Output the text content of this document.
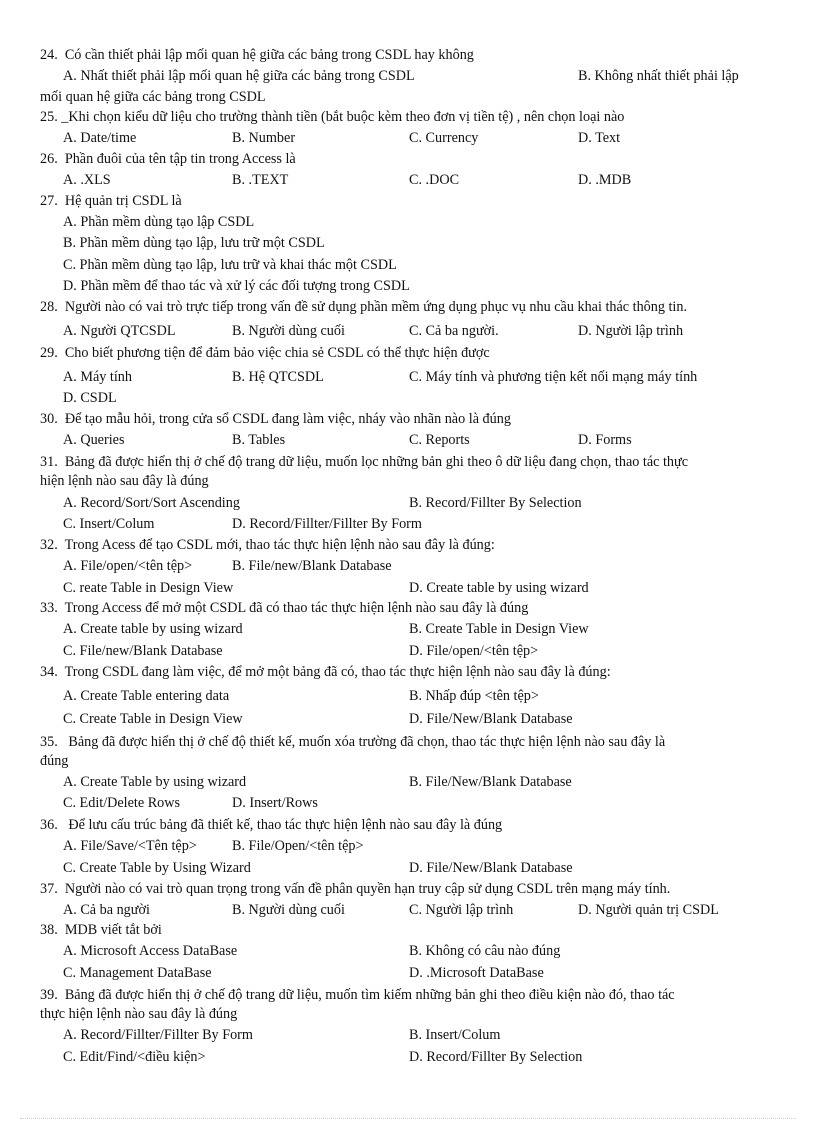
24. Có cần thiết phải lập mối quan hệ giữa các bảng trong CSDL hay không
A. Nhất thiết phải lập mối quan hệ giữa các bảng trong CSDL	B. Không nhất thiết phải lập
mối quan hệ giữa các bảng trong CSDL
25. _Khi chọn kiểu dữ liệu cho trường thành tiền (bắt buộc kèm theo đơn vị tiền tệ) , nên chọn loại nào
A. Date/time	B. Number	C. Currency	D. Text
26. Phần đuôi của tên tập tin trong Access là
A. .XLS	B. .TEXT	C. .DOC	D. .MDB
27. Hệ quản trị CSDL là
A. Phần mềm dùng tạo lập CSDL
B. Phần mềm dùng tạo lập, lưu trữ một CSDL
C. Phần mềm dùng tạo lập, lưu trữ và khai thác một CSDL
D. Phần mềm để thao tác và xử lý các đối tượng trong CSDL
28. Người nào có vai trò trực tiếp trong vấn đề sử dụng phần mềm ứng dụng phục vụ nhu cầu khai thác thông tin.
A. Người QTCSDL	B. Người dùng cuối	C. Cả ba người.	D. Người lập trình
29. Cho biết phương tiện để đảm bảo việc chia sẻ CSDL có thể thực hiện được
A. Máy tính	B. Hệ QTCSDL	C. Máy tính và phương tiện kết nối mạng máy tính
D. CSDL
30. Để tạo mẫu hỏi, trong cửa sổ CSDL đang làm việc, nháy vào nhãn nào là đúng
A. Queries	B. Tables	C. Reports	D. Forms
31. Bảng đã được hiển thị ở chế độ trang dữ liệu, muốn lọc những bản ghi theo ô dữ liệu đang chọn, thao tác thực
hiện lệnh nào sau đây là đúng
A. Record/Sort/Sort Ascending	B. Record/Fillter By Selection
C. Insert/Colum	D. Record/Fillter/Fillter By Form
32. Trong Acess để tạo CSDL mới, thao tác thực hiện lệnh nào sau đây là đúng:
A. File/open/<tên tệp>	B. File/new/Blank Database
C. reate Table in Design View	D. Create table by using wizard
33. Trong Access để mở một CSDL đã có thao tác thực hiện lệnh nào sau đây là đúng
A. Create table by using wizard	B. Create Table in Design View
C. File/new/Blank Database	D. File/open/<tên tệp>
34. Trong CSDL đang làm việc, để mở một bảng đã có, thao tác thực hiện lệnh nào sau đây là đúng:
A. Create Table entering data	B. Nhấp đúp <tên tệp>
C. Create Table in Design View	D. File/New/Blank Database
35. Bảng đã được hiển thị ở chế độ thiết kế, muốn xóa trường đã chọn, thao tác thực hiện lệnh nào sau đây là
đúng
A. Create Table by using wizard	B. File/New/Blank Database
C. Edit/Delete Rows	D. Insert/Rows
36. Để lưu cấu trúc bảng đã thiết kế, thao tác thực hiện lệnh nào sau đây là đúng
A. File/Save/<Tên tệp> B. File/Open/<tên tệp>
C. Create Table by Using Wizard	D. File/New/Blank Database
37. Người nào có vai trò quan trọng trong vấn đề phân quyền hạn truy cập sử dụng CSDL trên mạng máy tính.
A. Cả ba người	B. Người dùng cuối	C. Người lập trình	D. Người quản trị CSDL
38. MDB viết tắt bởi
A. Microsoft Access DataBase	B. Không có câu nào đúng
C. Management DataBase	D. .Microsoft DataBase
39. Bảng đã được hiển thị ở chế độ trang dữ liệu, muốn tìm kiếm những bản ghi theo điều kiện nào đó, thao tác
thực hiện lệnh nào sau đây là đúng
A. Record/Fillter/Fillter By Form	B. Insert/Colum
C. Edit/Find/<điều kiện>	D. Record/Fillter By Selection
